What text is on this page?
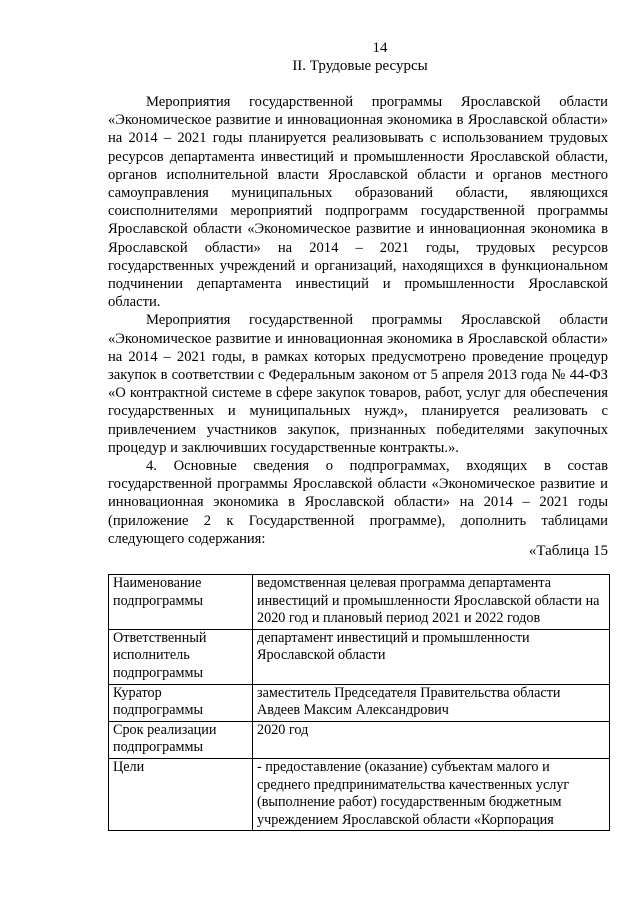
14
II. Трудовые ресурсы

Мероприятия государственной программы Ярославской области «Экономическое развитие и инновационная экономика в Ярославской области» на 2014 – 2021 годы планируется реализовывать с использованием трудовых ресурсов департамента инвестиций и промышленности Ярославской области, органов исполнительной власти Ярославской области и органов местного самоуправления муниципальных образований области, являющихся соисполнителями мероприятий подпрограмм государственной программы Ярославской области «Экономическое развитие и инновационная экономика в Ярославской области» на 2014 – 2021 годы, трудовых ресурсов государственных учреждений и организаций, находящихся в функциональном подчинении департамента инвестиций и промышленности Ярославской области.

Мероприятия государственной программы Ярославской области «Экономическое развитие и инновационная экономика в Ярославской области» на 2014 – 2021 годы, в рамках которых предусмотрено проведение процедур закупок в соответствии с Федеральным законом от 5 апреля 2013 года № 44-ФЗ «О контрактной системе в сфере закупок товаров, работ, услуг для обеспечения государственных и муниципальных нужд», планируется реализовать с привлечением участников закупок, признанных победителями закупочных процедур и заключивших государственные контракты.».

4. Основные сведения о подпрограммах, входящих в состав государственной программы Ярославской области «Экономическое развитие и инновационная экономика в Ярославской области» на 2014 – 2021 годы (приложение 2 к Государственной программе), дополнить таблицами следующего содержания:

«Таблица 15
Наименование подпрограммы	ведомственная целевая программа департамента инвестиций и промышленности Ярославской области на 2020 год и плановый период 2021 и 2022 годов
Ответственный исполнитель подпрограммы	департамент инвестиций и промышленности Ярославской области
Куратор подпрограммы	заместитель Председателя Правительства области Авдеев Максим Александрович
Срок реализации подпрограммы	2020 год
Цели	- предоставление (оказание) субъектам малого и среднего предпринимательства качественных услуг (выполнение работ) государственным бюджетным учреждением Ярославской области «Корпорация
